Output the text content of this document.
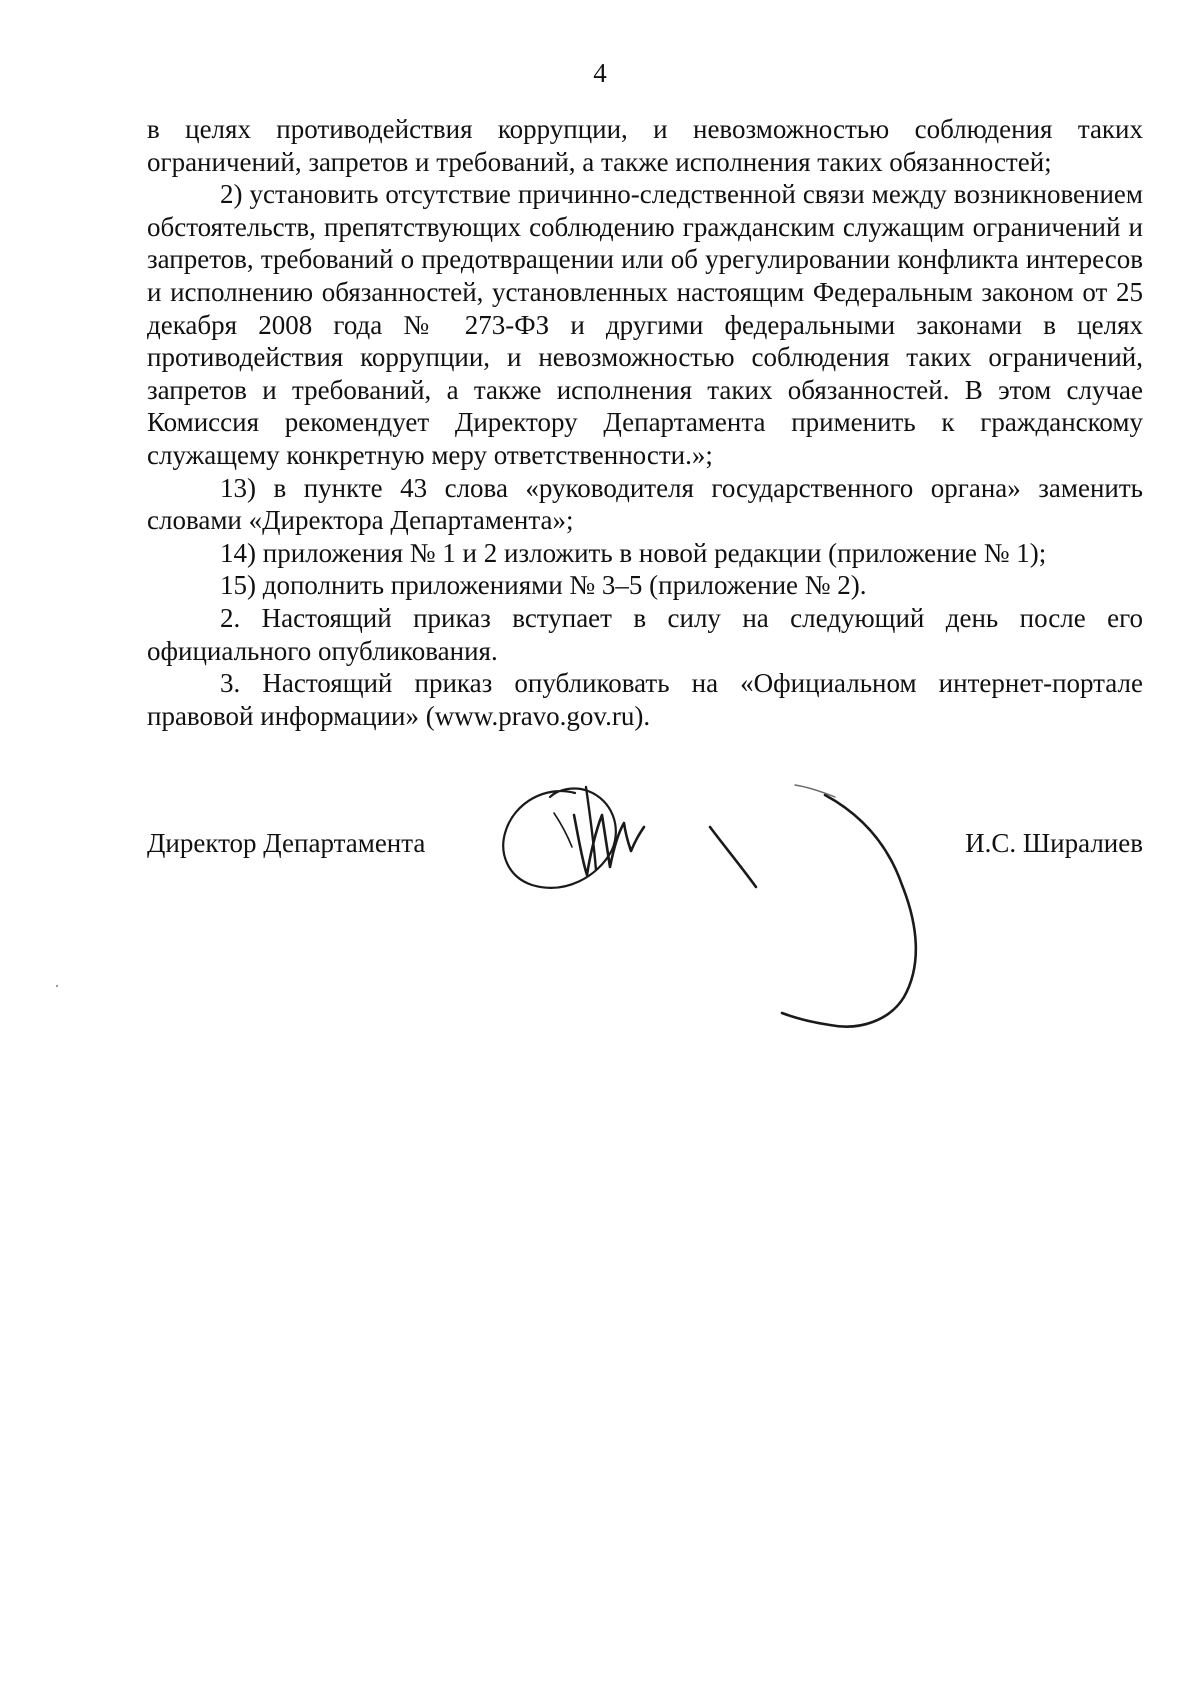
4

в целях противодействия коррупции, и невозможностью соблюдения таких ограничений, запретов и требований, а также исполнения таких обязанностей;

2) установить отсутствие причинно-следственной связи между возникновением обстоятельств, препятствующих соблюдению гражданским служащим ограничений и запретов, требований о предотвращении или об урегулировании конфликта интересов и исполнению обязанностей, установленных настоящим Федеральным законом от 25 декабря 2008 года № 273-ФЗ и другими федеральными законами в целях противодействия коррупции, и невозможностью соблюдения таких ограничений, запретов и требований, а также исполнения таких обязанностей. В этом случае Комиссия рекомендует Директору Департамента применить к гражданскому служащему конкретную меру ответственности.»;

13) в пункте 43 слова «руководителя государственного органа» заменить словами «Директора Департамента»;

14) приложения № 1 и 2 изложить в новой редакции (приложение № 1);

15) дополнить приложениями № 3–5 (приложение № 2).

2. Настоящий приказ вступает в силу на следующий день после его официального опубликования.

3. Настоящий приказ опубликовать на «Официальном интернет-портале правовой информации» (www.pravo.gov.ru).

Директор Департамента	И.С. Ширалиев
